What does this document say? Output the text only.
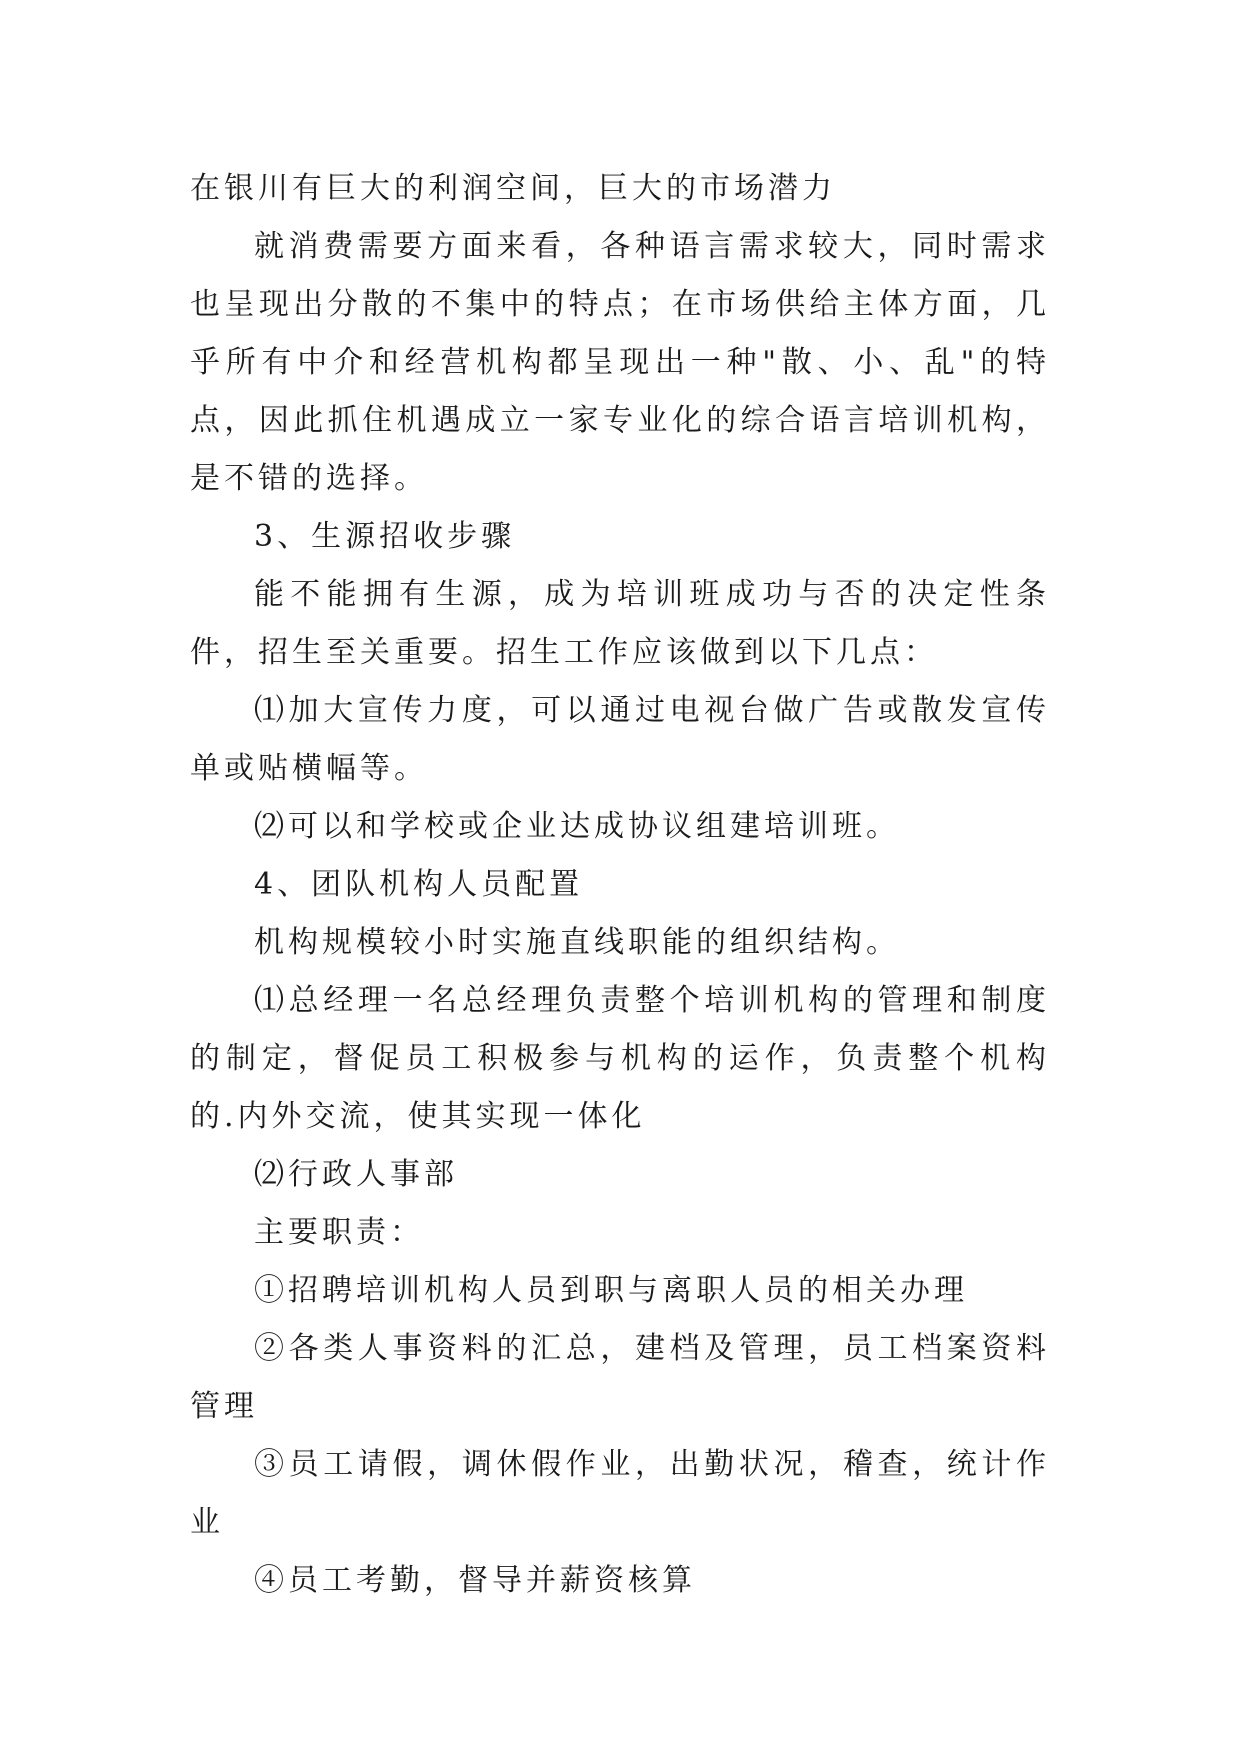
在银川有巨大的利润空间，巨大的市场潜力

就消费需要方面来看，各种语言需求较大，同时需求也呈现出分散的不集中的特点；在市场供给主体方面，几乎所有中介和经营机构都呈现出一种"散、小、乱"的特点，因此抓住机遇成立一家专业化的综合语言培训机构，是不错的选择。

3、生源招收步骤

能不能拥有生源，成为培训班成功与否的决定性条件，招生至关重要。招生工作应该做到以下几点：

⑴加大宣传力度，可以通过电视台做广告或散发宣传单或贴横幅等。

⑵可以和学校或企业达成协议组建培训班。

4、团队机构人员配置

机构规模较小时实施直线职能的组织结构。

⑴总经理一名总经理负责整个培训机构的管理和制度的制定，督促员工积极参与机构的运作，负责整个机构的.内外交流，使其实现一体化

⑵行政人事部

主要职责：

①招聘培训机构人员到职与离职人员的相关办理

②各类人事资料的汇总，建档及管理，员工档案资料管理

③员工请假，调休假作业，出勤状况，稽查，统计作业

④员工考勤，督导并薪资核算
